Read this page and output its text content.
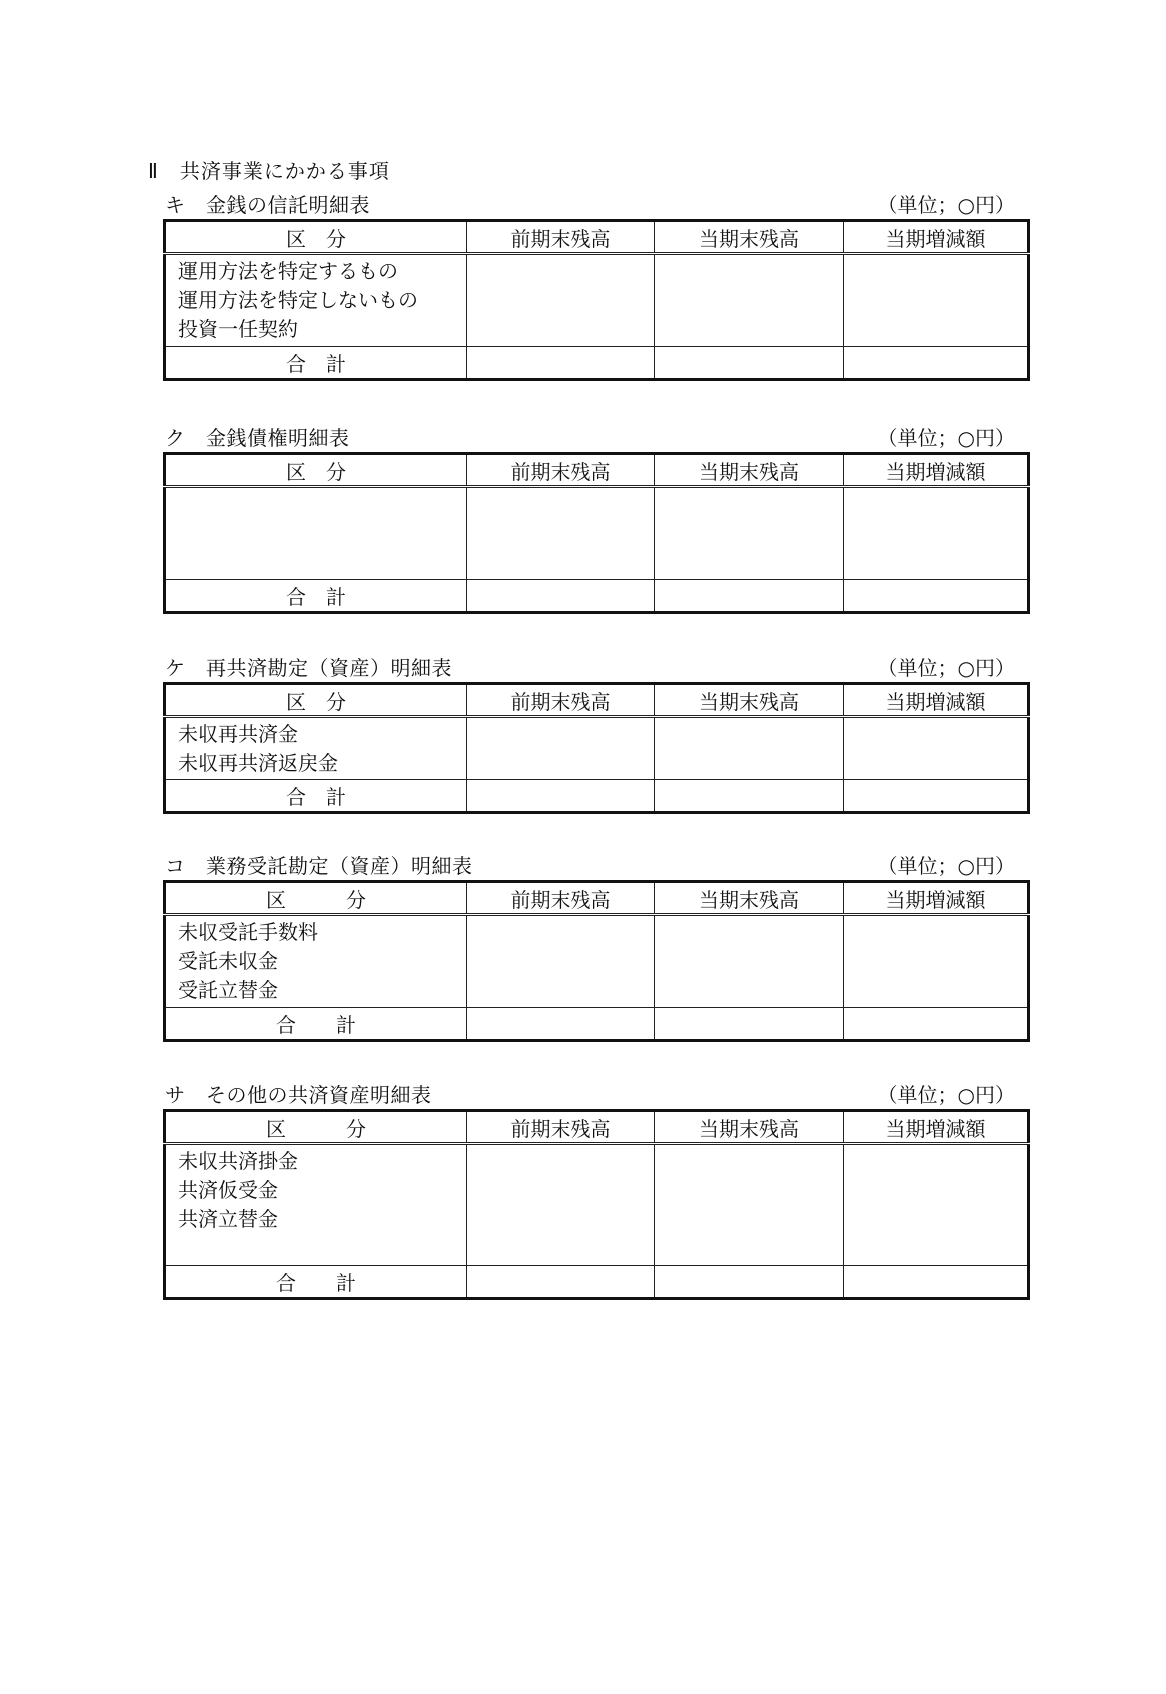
Ⅱ　共済事業にかかる事項
キ　金銭の信託明細表	（単位；○円）
区　分	前期末残高	当期末残高	当期増減額

運用方法を特定するもの
運用方法を特定しないもの
投資一任契約			

合　計			
ク　金銭債権明細表	（単位；○円）
区　分	前期末残高	当期末残高	当期増減額

合　計			
ケ　再共済勘定（資産）明細表	（単位；○円）
区　分	前期末残高	当期末残高	当期増減額

未収再共済金
未収再共済返戻金			

合　計			
コ　業務受託勘定（資産）明細表	（単位；○円）
区　　　分	前期末残高	当期末残高	当期増減額

未収受託手数料
受託未収金
受託立替金			

合　　計			
サ　その他の共済資産明細表	（単位；○円）
区　　　分	前期末残高	当期末残高	当期増減額

未収共済掛金
共済仮受金
共済立替金			

合　　計			
